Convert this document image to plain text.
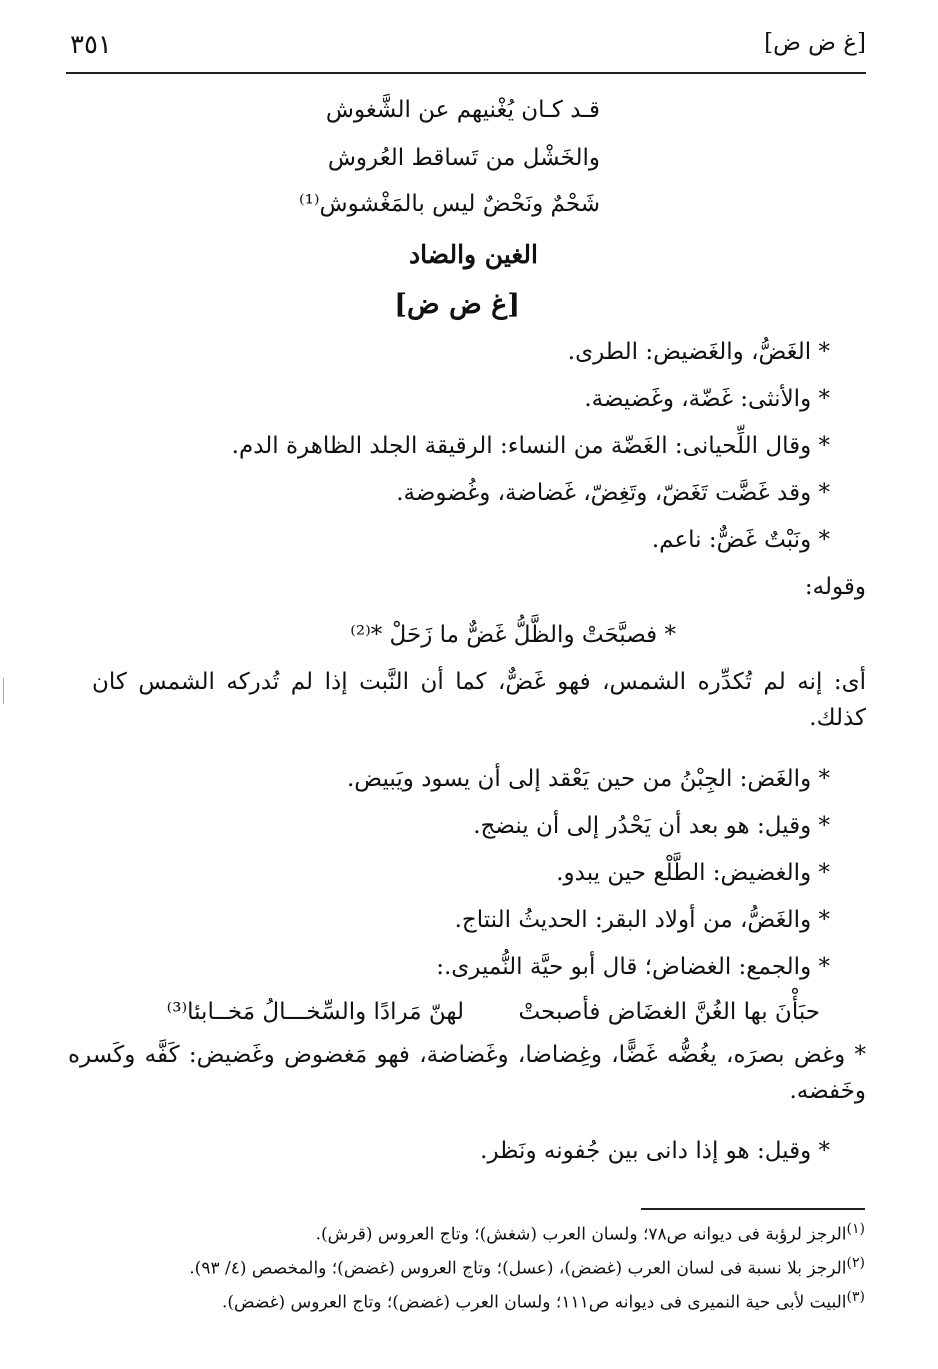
٣٥١	[غ ض ض]
قـد كـان يُغْنيهم عن الشَّغوش
والخَشْل من تَساقط العُروش
شَحْمٌ ونَحْضٌ ليس بالمَغْشوش⁽¹⁾
الغين والضاد
[غ ض ض]
* الغَضُّ، والغَضيض: الطرى.
* والأنثى: غَضّة، وغَضيضة.
* وقال اللِّحيانى: الغَضّة من النساء: الرقيقة الجلد الظاهرة الدم.
* وقد غَضَّت تَغَضّ، وتَغِضّ، غَضاضة، وغُضوضة.
* ونَبْتٌ غَضٌّ: ناعم.
وقوله:
* فصبَّحَتْ والظَّلُّ غَضٌّ ما زَحَلْ *⁽²⁾
أى: إنه لم تُكدِّره الشمس، فهو غَضٌّ، كما أن النَّبت إذا لم تُدركه الشمس كان كذلك.
* والغَض: الجِبْنُ من حين يَعْقد إلى أن يسود ويَبيض.
* وقيل: هو بعد أن يَحْدُر إلى أن ينضج.
* والغضيض: الطَّلْع حين يبدو.
* والغَضُّ، من أولاد البقر: الحديثُ النتاج.
* والجمع: الغضاض؛ قال أبو حيَّة النُّميرى.:
حبَأْنَ بها الغُنَّ الغضَاض فأصبحتْ
لهنّ مَرادًا والسِّخـــالُ مَخــابئا⁽³⁾
* وغض بصرَه، يغُضُّه غَضًّا، وغِضاضا، وغَضاضة، فهو مَغضوض وغَضيض: كَفَّه وكَسره وخَفضه.
* وقيل: هو إذا دانى بين جُفونه ونَظر.
$^{(١)}$الرجز لرؤبة فى ديوانه ص٧٨؛ ولسان العرب (شغش)؛ وتاج العروس (قرش).
$^{(٢)}$الرجز بلا نسبة فى لسان العرب (غضض)، (عسل)؛ وتاج العروس (غضض)؛ والمخصص (٤/ ٩٣).
$^{(٣)}$البيت لأبى حية النميرى فى ديوانه ص١١١؛ ولسان العرب (غضض)؛ وتاج العروس (غضض).
